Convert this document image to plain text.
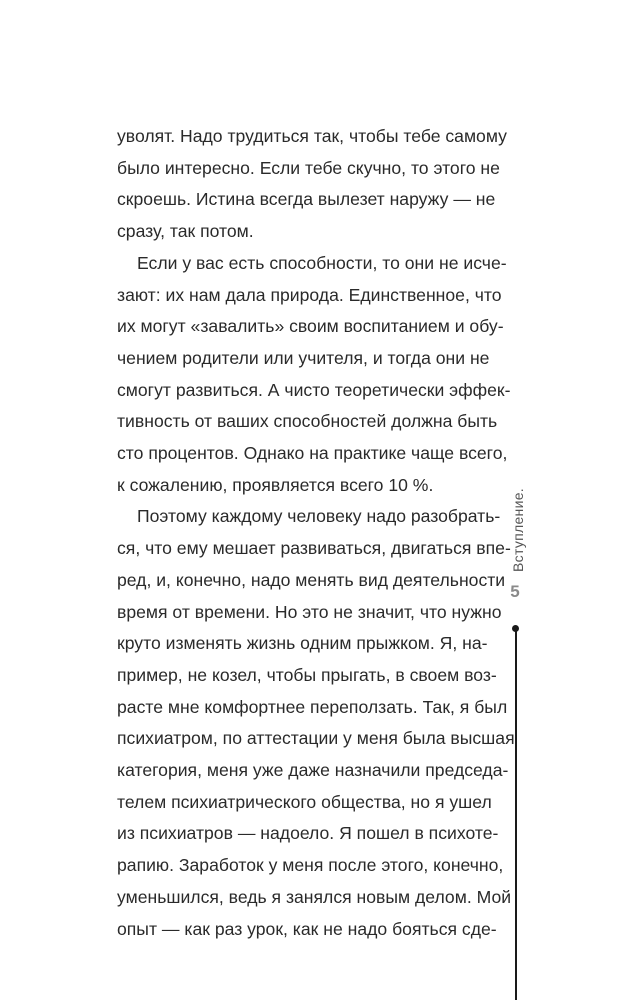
уволят. Надо трудиться так, чтобы тебе самому
было интересно. Если тебе скучно, то этого не
скроешь. Истина всегда вылезет наружу — не
сразу, так потом.
Если у вас есть способности, то они не исче-
зают: их нам дала природа. Единственное, что
их могут «завалить» своим воспитанием и обу-
чением родители или учителя, и тогда они не
смогут развиться. А чисто теоретически эффек-
тивность от ваших способностей должна быть
сто процентов. Однако на практике чаще всего,
к сожалению, проявляется всего 10 %.
Поэтому каждому человеку надо разобрать-
ся, что ему мешает развиваться, двигаться впе-
ред, и, конечно, надо менять вид деятельности
время от времени. Но это не значит, что нужно
круто изменять жизнь одним прыжком. Я, на-
пример, не козел, чтобы прыгать, в своем воз-
расте мне комфортнее переползать. Так, я был
психиатром, по аттестации у меня была высшая
категория, меня уже даже назначили председа-
телем психиатрического общества, но я ушел
из психиатров — надоело. Я пошел в психоте-
рапию. Заработок у меня после этого, конечно,
уменьшился, ведь я занялся новым делом. Мой
опыт — как раз урок, как не надо бояться сде-
Вступление.
5
